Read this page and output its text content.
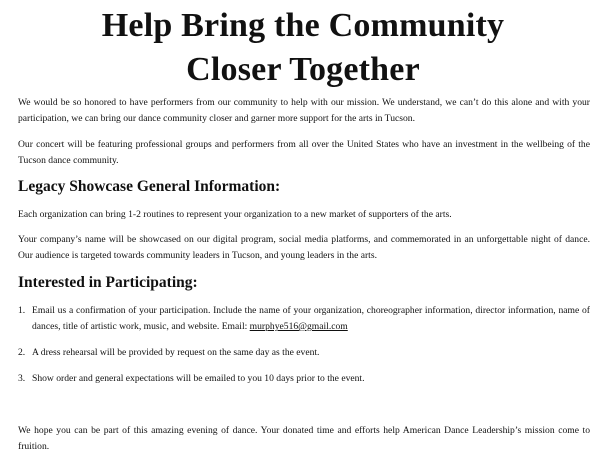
Help Bring the Community
Closer Together

We would be so honored to have performers from our community to help with our mission. We understand, we can’t do this alone and with your participation, we can bring our dance community closer and garner more support for the arts in Tucson.

Our concert will be featuring professional groups and performers from all over the United States who have an investment in the wellbeing of the Tucson dance community.

Legacy Showcase General Information:

Each organization can bring 1-2 routines to represent your organization to a new market of supporters of the arts.

Your company’s name will be showcased on our digital program, social media platforms, and commemorated in an unforgettable night of dance. Our audience is targeted towards community leaders in Tucson, and young leaders in the arts.

Interested in Participating:
1. Email us a confirmation of your participation. Include the name of your organization, choreographer information, director information, name of dances, title of artistic work, music, and website. Email: murphye516@gmail.com
2. A dress rehearsal will be provided by request on the same day as the event.
3. Show order and general expectations will be emailed to you 10 days prior to the event.

We hope you can be part of this amazing evening of dance. Your donated time and efforts help American Dance Leadership’s mission come to fruition.
